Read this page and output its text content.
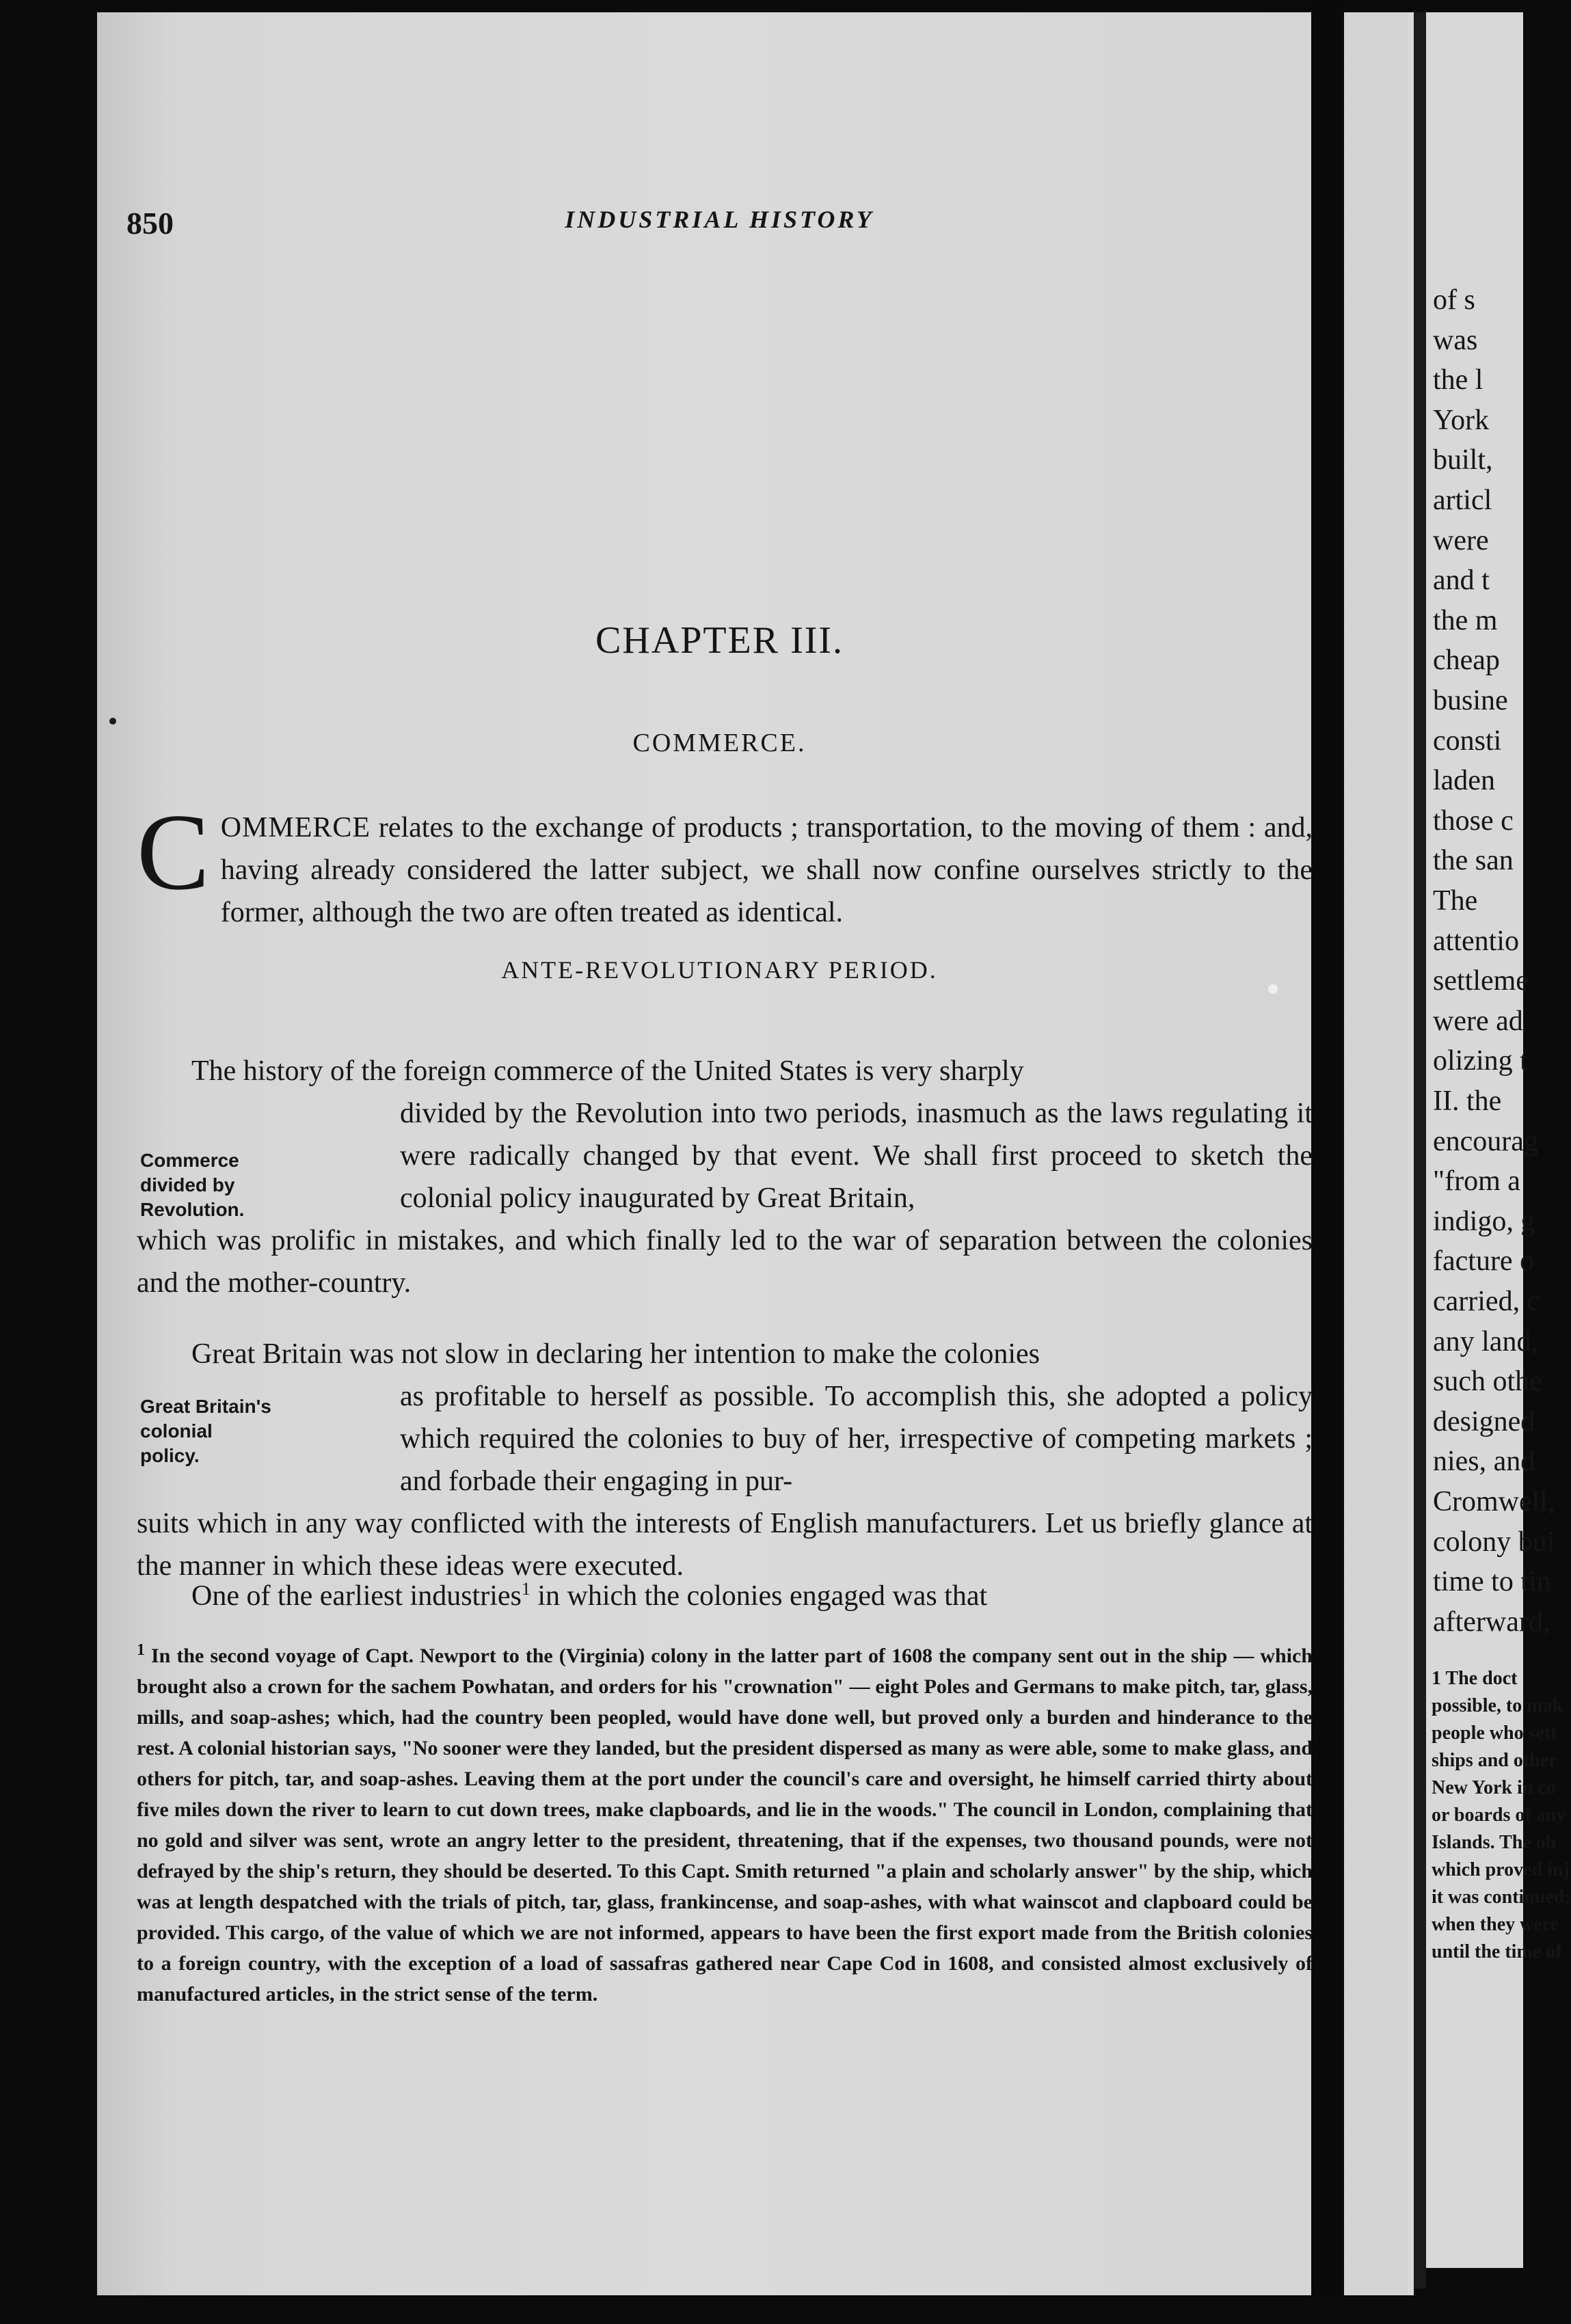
850	INDUSTRIAL HISTORY
CHAPTER III.
COMMERCE.
COMMERCE relates to the exchange of products ; transportation, to the moving of them : and, having already considered the latter subject, we shall now confine ourselves strictly to the former, although the two are often treated as identical.
ANTE-REVOLUTIONARY PERIOD.
Commerce divided by Revolution.
Great Britain's colonial policy.
The history of the foreign commerce of the United States is very sharply
divided by the Revolution into two periods, inasmuch as the laws regulating it were radically changed by that event. We shall first proceed to sketch the colonial policy inaugurated by Great Britain,
which was prolific in mistakes, and which finally led to the war of separation between the colonies and the mother-country.
Great Britain was not slow in declaring her intention to make the colonies
as profitable to herself as possible. To accomplish this, she adopted a policy which required the colonies to buy of her, irrespective of competing markets ; and forbade their engaging in pur-
suits which in any way conflicted with the interests of English manufacturers. Let us briefly glance at the manner in which these ideas were executed.
One of the earliest industries$^1$ in which the colonies engaged was that
$^1$ In the second voyage of Capt. Newport to the (Virginia) colony in the latter part of 1608 the company sent out in the ship — which brought also a crown for the sachem Powhatan, and orders for his "crownation" — eight Poles and Germans to make pitch, tar, glass, mills, and soap-ashes; which, had the country been peopled, would have done well, but proved only a burden and hinderance to the rest. A colonial historian says, "No sooner were they landed, but the president dispersed as many as were able, some to make glass, and others for pitch, tar, and soap-ashes. Leaving them at the port under the council's care and oversight, he himself carried thirty about five miles down the river to learn to cut down trees, make clapboards, and lie in the woods." The council in London, complaining that no gold and silver was sent, wrote an angry letter to the president, threatening, that if the expenses, two thousand pounds, were not defrayed by the ship's return, they should be deserted. To this Capt. Smith returned "a plain and scholarly answer" by the ship, which was at length despatched with the trials of pitch, tar, glass, frankincense, and soap-ashes, with what wainscot and clapboard could be provided. This cargo, of the value of which we are not informed, appears to have been the first export made from the British colonies to a foreign country, with the exception of a load of sassafras gathered near Cape Cod in 1608, and consisted almost exclusively of manufactured articles, in the strict sense of the term.
of s
was
the l
York
built,
articl
were
and t
the m
cheap
busine
consti
laden
those c
the san
The
attentio
settleme
were ad
olizing t
II. the
encourag
"from a
indigo, g
facture o
carried, c
any land,
such othe
designed
nies, and
Cromwell,
colony bui
time to tin
afterward,
1 The doct
possible, to mak
people who sett
ships and other
New York in co
or boards of any
Islands. The ob
which proved inj
it was continued;
when they were
until the time of
